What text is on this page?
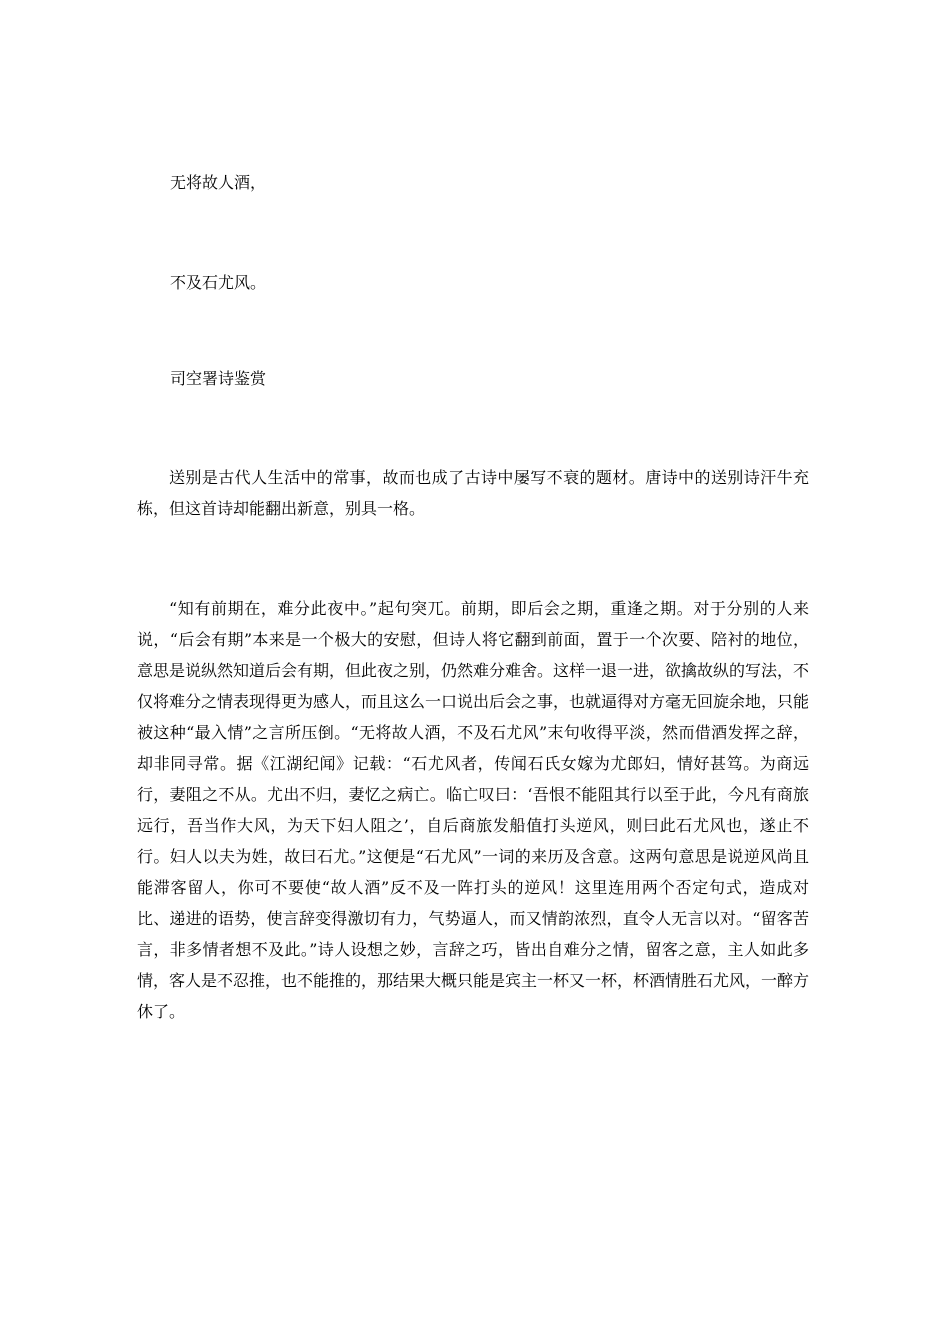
无将故人酒，
不及石尤风。
司空署诗鉴赏

送别是古代人生活中的常事，故而也成了古诗中屡写不衰的题材。唐诗中的送别诗汗牛充栋，但这首诗却能翻出新意，别具一格。

“知有前期在，难分此夜中。”起句突兀。前期，即后会之期，重逢之期。对于分别的人来说，“后会有期”本来是一个极大的安慰，但诗人将它翻到前面，置于一个次要、陪衬的地位，意思是说纵然知道后会有期，但此夜之别，仍然难分难舍。这样一退一进，欲擒故纵的写法，不仅将难分之情表现得更为感人，而且这么一口说出后会之事，也就逼得对方毫无回旋余地，只能被这种“最入情”之言所压倒。“无将故人酒，不及石尤风”末句收得平淡，然而借酒发挥之辞，却非同寻常。据《江湖纪闻》记载：“石尤风者，传闻石氏女嫁为尤郎妇，情好甚笃。为商远行，妻阻之不从。尤出不归，妻忆之病亡。临亡叹曰：‘吾恨不能阻其行以至于此，今凡有商旅远行，吾当作大风，为天下妇人阻之’，自后商旅发船值打头逆风，则曰此石尤风也，遂止不行。妇人以夫为姓，故曰石尤。”这便是“石尤风”一词的来历及含意。这两句意思是说逆风尚且能滞客留人，你可不要使“故人酒”反不及一阵打头的逆风！这里连用两个否定句式，造成对比、递进的语势，使言辞变得激切有力，气势逼人，而又情韵浓烈，直令人无言以对。“留客苦言，非多情者想不及此。”诗人设想之妙，言辞之巧，皆出自难分之情，留客之意，主人如此多情，客人是不忍推，也不能推的，那结果大概只能是宾主一杯又一杯，杯酒情胜石尤风，一醉方休了。
